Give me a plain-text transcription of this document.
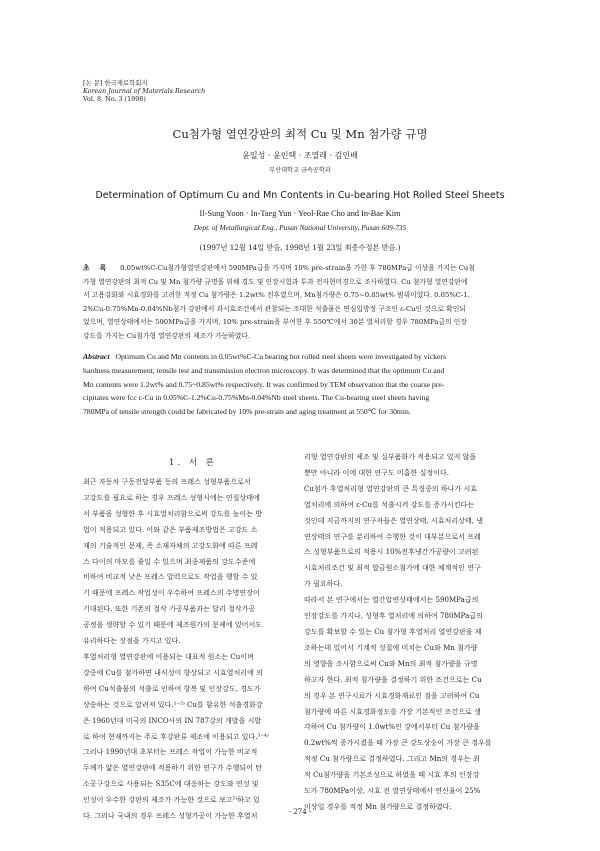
[논 문] 한국재료학회지
Korean Journal of Materials Research
Vol. 8, No. 3 (1998)
Cu첨가형 열연강판의 최적 Cu 및 Mn 첨가량 규명
윤일성 · 윤인택 · 조열래 · 김인배
부산대학교 금속공학과
Determination of Optimum Cu and Mn Contents in Cu-bearing Hot Rolled Steel Sheets
Il-Sung Yoon · In-Taeg Yun · Yeol-Rae Cho and In-Bae Kim
Dept. of Metallurgical Eng., Pusan National University, Pusan 609-735
(1997년 12월 14일 받음, 1998년 1월 23일 최종수정본 받음.)
초록 0.05wt%C-Cu첨가형열연강판에서 590MPa급을 가지며 10% pre-strain을 가한 후 780MPa급 이상을 가지는 Cu첨
가형 열연강판의 최적 Cu 및 Mn 첨가량 규명을 위해 경도 및 인장시험과 투과 전자현미경으로 조사하였다. Cu 첨가형 열연강판에
서 고용강화와 시효경화를 고려한 적정 Cu 첨가량은 1.2wt% 전후였으며, Mn첨가량은 0.75~0.85wt% 범위이었다. 0.05%C-1.
2%Cu-0.75%Mn-0.04%Nb첨가 강판에서 과시효조건에서 관찰되는 조대한 석출물은 면심입방정 구조인 ε-Cu인 것으로 확인되
었으며, 열연상태에서는 590MPa급을 가지며, 10% pre-strain을 부여한 후 550℃에서 30분 열처리할 경우 780MPa급의 인장
강도를 가지는 Cu첨가형 열연강판의 제조가 가능하였다.
Abstract Optimum Cu and Mn contents in 0.05wt%C-Cu bearing hot rolled steel sheets were investigated by vickers
hardness measurement, tensile test and transmission electron microscopy. It was determined that the optimum Cu and
Mn contents were 1.2wt% and 0.75~0.85wt% respectively. It was confirmed by TEM observation that the coarse pre-
cipitates were fcc ε-Cu in 0.05%C-1.2%Cu-0.75%Mn-0.04%Nb steel sheets. The Cu-bearing steel sheets having
780MPa of tensile strength could be fabricated by 10% pre-strain and aging treatment at 550℃ for 30min.
1. 서 론
최근 자동차 구동전달부품 등의 프레스 성형부품으로서
고강도를 필요로 하는 경우 프레스 성형시에는 연질상태에
서 부품을 성형한 후 시효열처리함으로써 강도를 높이는 방
법이 적용되고 있다. 이와 같은 부품제조방법은 고강도 소
재의 기술적인 문제, 즉 소재자체의 고강도화에 따른 프레
스 다이의 마모를 줄일 수 있으며 최종제품의 강도수준에
비하여 비교적 낮은 프레스 압력으로도 작업을 행할 수 있
기 때문에 프레스 작업성이 우수하여 프레스의 수명연장이
기대된다. 또한 기존의 절삭 가공부품과는 달리 절삭가공
공정을 생략할 수 있기 때문에 제조원가의 문제에 있어서도
유리하다는 장점을 가지고 있다.
후열처리형 열연강판에 이용되는 대표적 원소는 Cu이며
강중에 Cu를 첨가하면 내식성이 향상되고 시효열처리에 의
하여 Cu석출물의 석출로 인하여 항복 및 인장강도, 경도가
상승하는 것으로 알려져 있다.¹⁻²⁾ Cu를 함유한 석출경화강
은 1960년대 미국의 INCO사의 IN 787강의 개발을 시발
로 하여 현재까지는 주로 후강판류 제조에 이용되고 있다.³⁻⁴⁾
그러나 1990년대 초부터는 프레스 작업이 가능한 비교적
두께가 얇은 열연강판에 적용하기 위한 연구가 수행되어 탄
소공구강으로 사용되는 S35C에 대응하는 강도와 연성 및
인성이 우수한 강판의 제조가 가능한 것으로 보고⁵⁾하고 있
다. 그러나 국내의 경우 프레스 성형가공이 가능한 후열처
리형 열연강판의 제조 및 실부품화가 적용되고 있지 않을
뿐만 아니라 이에 대한 연구도 미흡한 실정이다.
Cu첨가 후열처리형 열연강판의 큰 특징중의 하나가 시효
열처리에 의하여 ε-Cu를 석출시켜 강도를 증가시킨다는
것인데 지금까지의 연구자들은 열연상태, 시효처리상태, 냉
연상태의 연구를 분리하여 수행한 것이 대부분으로서 프레
스 성형부품으로의 적용시 10%전후냉간가공량이 고려된
시효처리조건 및 최적 합금원소첨가에 대한 체계적인 연구
가 필요하다.
따라서 본 연구에서는 열간압연상태에서는 590MPa급의
인장강도를 가지나, 성형후 열처리에 의하여 780MPa급의
강도를 확보할 수 있는 Cu 첨가형 후열처리 열연강판을 제
조하는데 있어서 기계적 성질에 미치는 Cu와 Mn 첨가량
의 영향을 조사함으로써 Cu와 Mn의 최적 첨가량을 규명
하고자 한다. 최적 첨가량을 결정하기 위한 조건으로는 Cu
의 경우 본 연구시료가 시효경화재료인 점을 고려하여 Cu
첨가량에 따른 시효경화정도를 가장 기본적인 조건으로 생
각하여 Cu 첨가량이 1.0wt%인 강에서부터 Cu 첨가량을
0.2wt%씩 증가시켰을 때 가장 큰 강도상승이 가장 큰 경우를
적정 Cu 첨가량으로 결정하였다. 그리고 Mn의 경우는 최
적 Cu첨가량을 기본조성으로 하였을 때 시효 후의 인장강
도가 780MPa이상, 시효 전 열연상태에서 연신율이 25%
이상일 경우를 적정 Mn 첨가량으로 결정하였다.
- 274 -
